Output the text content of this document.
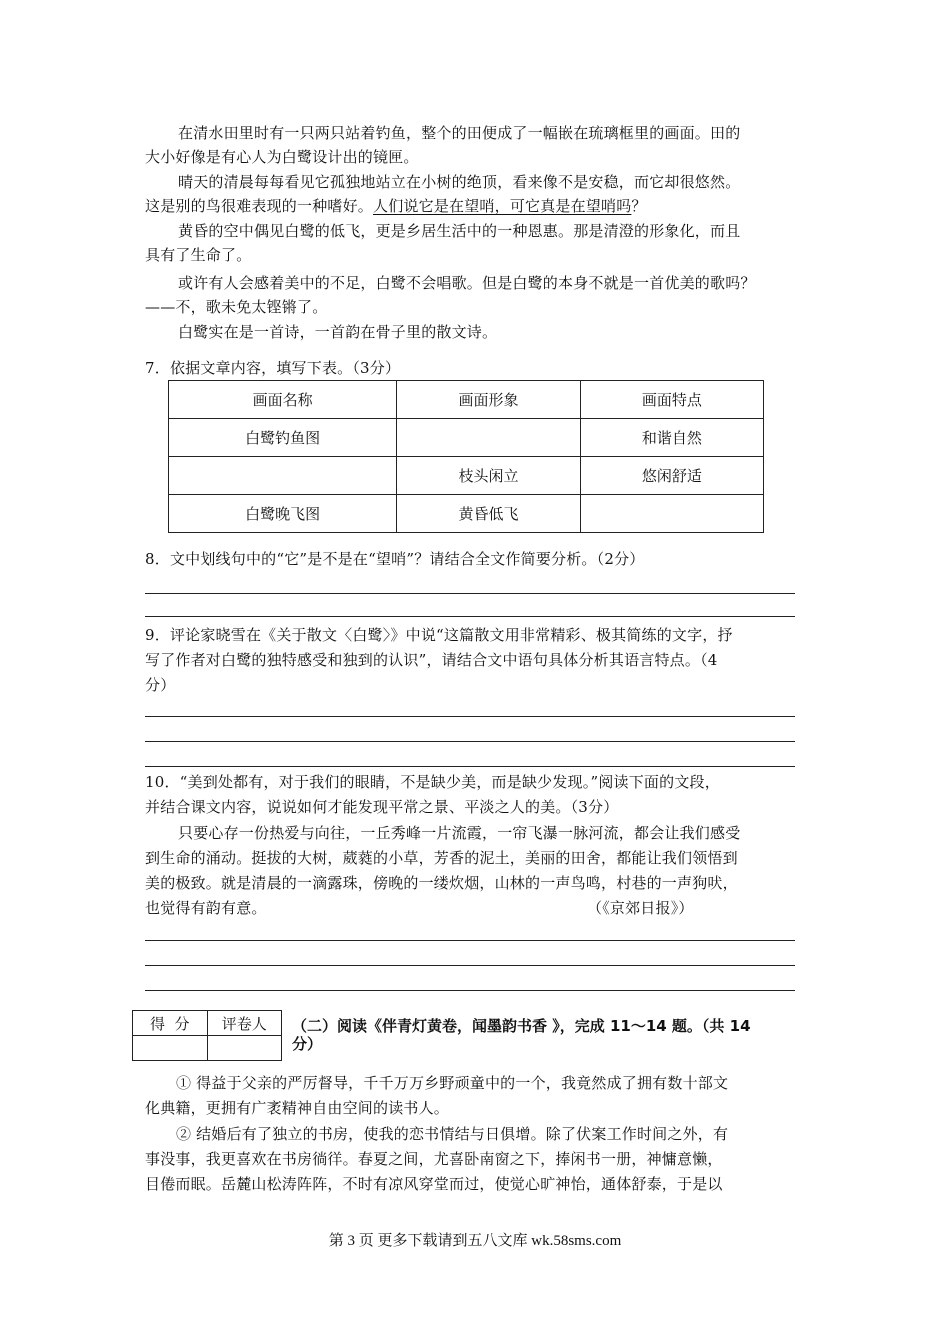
在清水田里时有一只两只站着钓鱼，整个的田便成了一幅嵌在琉璃框里的画面。田的
大小好像是有心人为白鹭设计出的镜匣。
晴天的清晨每每看见它孤独地站立在小树的绝顶，看来像不是安稳，而它却很悠然。
这是别的鸟很难表现的一种嗜好。人们说它是在望哨，可它真是在望哨吗？
黄昏的空中偶见白鹭的低飞，更是乡居生活中的一种恩惠。那是清澄的形象化，而且
具有了生命了。
或许有人会感着美中的不足，白鹭不会唱歌。但是白鹭的本身不就是一首优美的歌吗？
——不，歌未免太铿锵了。
白鹭实在是一首诗，一首韵在骨子里的散文诗。
7．依据文章内容，填写下表。（3分）
画面名称	画面形象	画面特点
白鹭钓鱼图		和谐自然
	枝头闲立	悠闲舒适
白鹭晚飞图	黄昏低飞	
8．文中划线句中的“它”是不是在“望哨”？请结合全文作简要分析。（2分）
9．评论家晓雪在《关于散文〈白鹭〉》中说“这篇散文用非常精彩、极其简练的文字，抒
写了作者对白鹭的独特感受和独到的认识”，请结合文中语句具体分析其语言特点。（4
分）
10．“美到处都有，对于我们的眼睛，不是缺少美，而是缺少发现。”阅读下面的文段，
并结合课文内容，说说如何才能发现平常之景、平淡之人的美。（3分）
只要心存一份热爱与向往，一丘秀峰一片流霞，一帘飞瀑一脉河流，都会让我们感受
到生命的涌动。挺拔的大树，葳蕤的小草，芳香的泥土，美丽的田舍，都能让我们领悟到
美的极致。就是清晨的一滴露珠，傍晚的一缕炊烟，山林的一声鸟鸣，村巷的一声狗吠，
也觉得有韵有意。	（《京郊日报》）
得  分	评卷人
	（二）阅读《伴青灯黄卷，闻墨韵书香 》，完成 11～14 题。（共 14
分）
① 得益于父亲的严厉督导，千千万万乡野顽童中的一个，我竟然成了拥有数十部文
化典籍，更拥有广袤精神自由空间的读书人。
② 结婚后有了独立的书房，使我的恋书情结与日俱增。除了伏案工作时间之外，有
事没事，我更喜欢在书房徜徉。春夏之间，尤喜卧南窗之下，捧闲书一册，神慵意懒，
目倦而眠。岳麓山松涛阵阵，不时有凉风穿堂而过，使觉心旷神怡，通体舒泰，于是以
第 3 页 更多下载请到五八文库 wk.58sms.com
